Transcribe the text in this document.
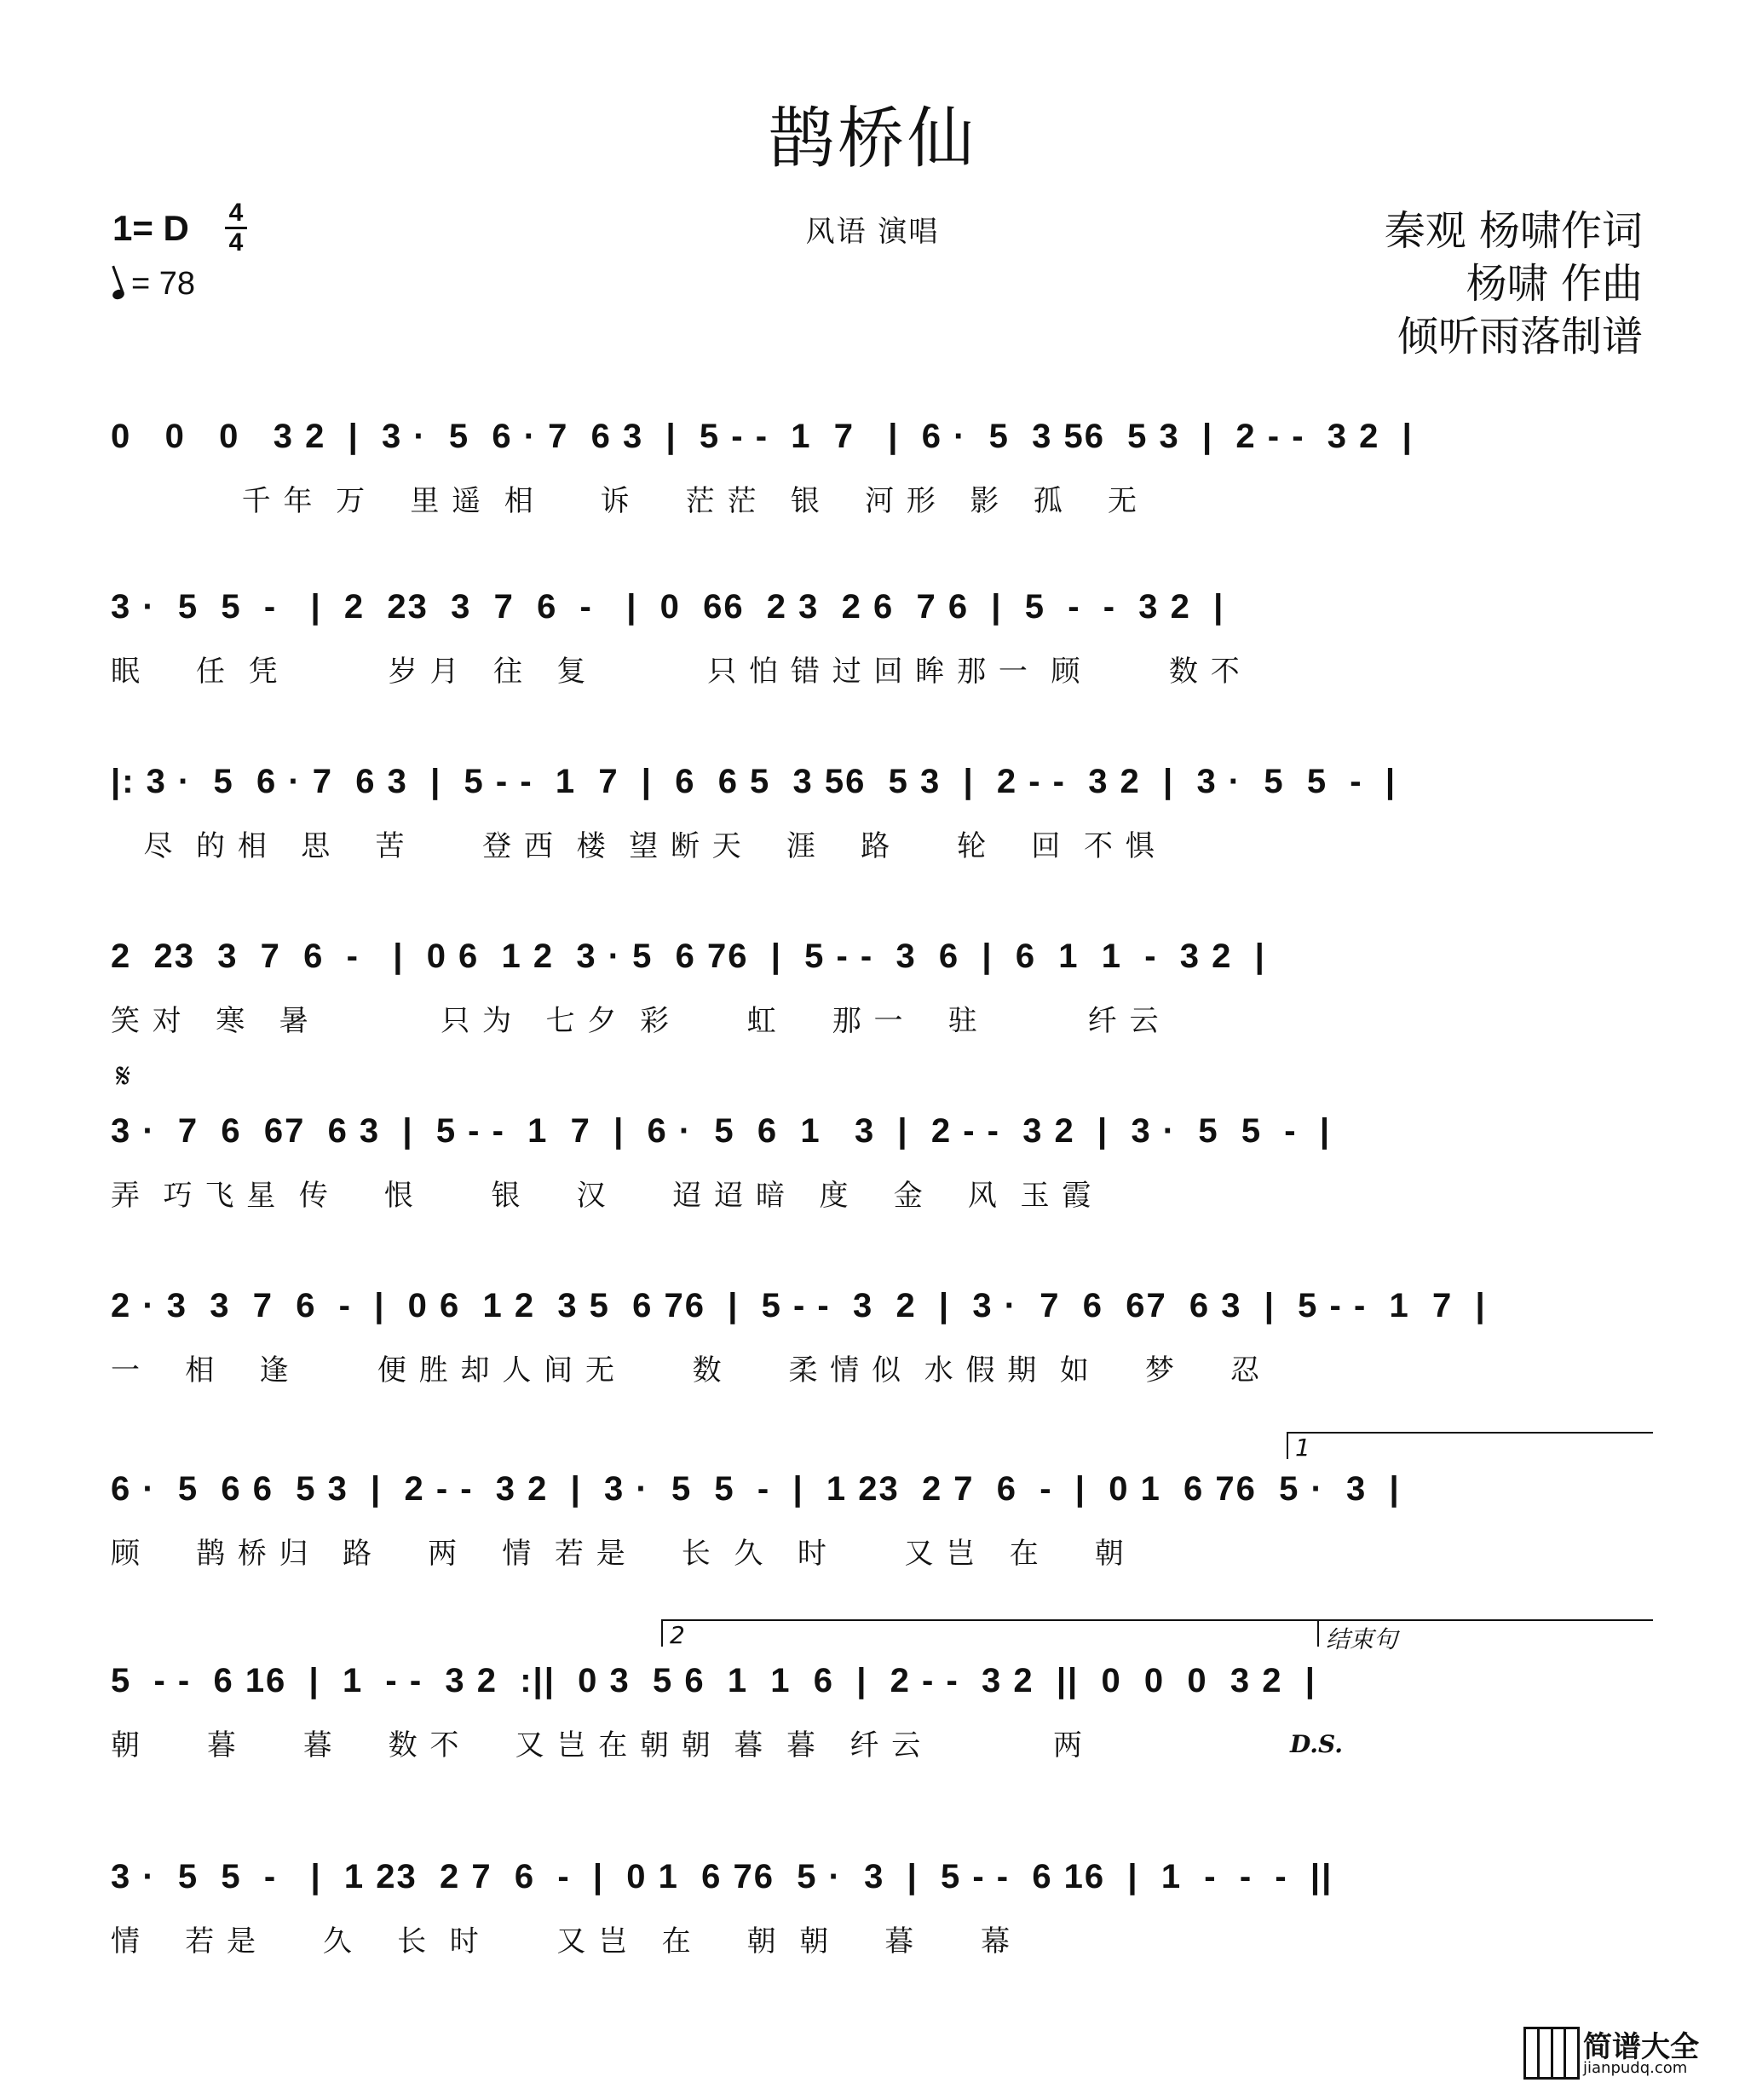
鹊桥仙
1= D 4
4
= 78
风语 演唱	秦观 杨啸作词
杨啸 作曲
倾听雨落制谱
0   0   0   3 2  |  3 ·  5  6 · 7  6 3  |  5 - -  1  7   |  6 ·  5  3 56  5 3  |  2 - -  3 2  |
千 年  万    里 遥  相      诉     茫 茫   银    河 形   影   孤    无
3 ·  5  5  -   |  2  23  3  7  6  -   |  0  66  2 3  2 6  7 6  |  5  -  -  3 2  |
眠     任  凭          岁 月   往   复           只 怕 错 过 回 眸 那 一  顾        数 不
|: 3 ·  5  6 · 7  6 3  |  5 - -  1  7  |  6  6 5  3 56  5 3  |  2 - -  3 2  |  3 ·  5  5  -  |
尽  的 相   思    苦       登 西  楼  望 断 天    涯    路      轮    回  不 惧
2  23  3  7  6  -   |  0 6  1 2  3 · 5  6 76  |  5 - -  3  6  |  6  1  1  -  3 2  |
笑 对   寒   暑            只 为   七 夕  彩       虹     那 一    驻          纤 云
𝄋
3 ·  7  6  67  6 3  |  5 - -  1  7  |  6 ·  5  6  1   3  |  2 - -  3 2  |  3 ·  5  5  -  |
弄  巧 飞 星  传     恨       银     汉      迢 迢 暗   度    金    风  玉 霞
2 · 3  3  7  6  -  |  0 6  1 2  3 5  6 76  |  5 - -  3  2  |  3 ·  7  6  67  6 3  |  5 - -  1  7  |
一    相    逢        便 胜 却 人 间 无       数      柔 情 似  水 假 期  如     梦     忍
1
6 ·  5  6 6  5 3  |  2 - -  3 2  |  3 ·  5  5  -  |  1 23  2 7  6  -  |  0 1  6 76  5 ·  3  |
顾     鹊 桥 归   路     两    情  若 是     长  久   时       又 岂   在     朝
2	结束句
5  - -  6 16  |  1  - -  3 2  :||  0 3  5 6  1  1  6  |  2 - -  3 2  ||  0  0  0  3 2  |
朝      暮      暮     数 不     又 岂 在 朝 朝  暮  暮   纤 云            两	D.S.
3 ·  5  5  -   |  1 23  2 7  6  -  |  0 1  6 76  5 ·  3  |  5 - -  6 16  |  1  -  -  -  ||
情    若 是      久    长  时       又 岂   在     朝  朝     暮      幕
简谱大全
jianpudq.com
